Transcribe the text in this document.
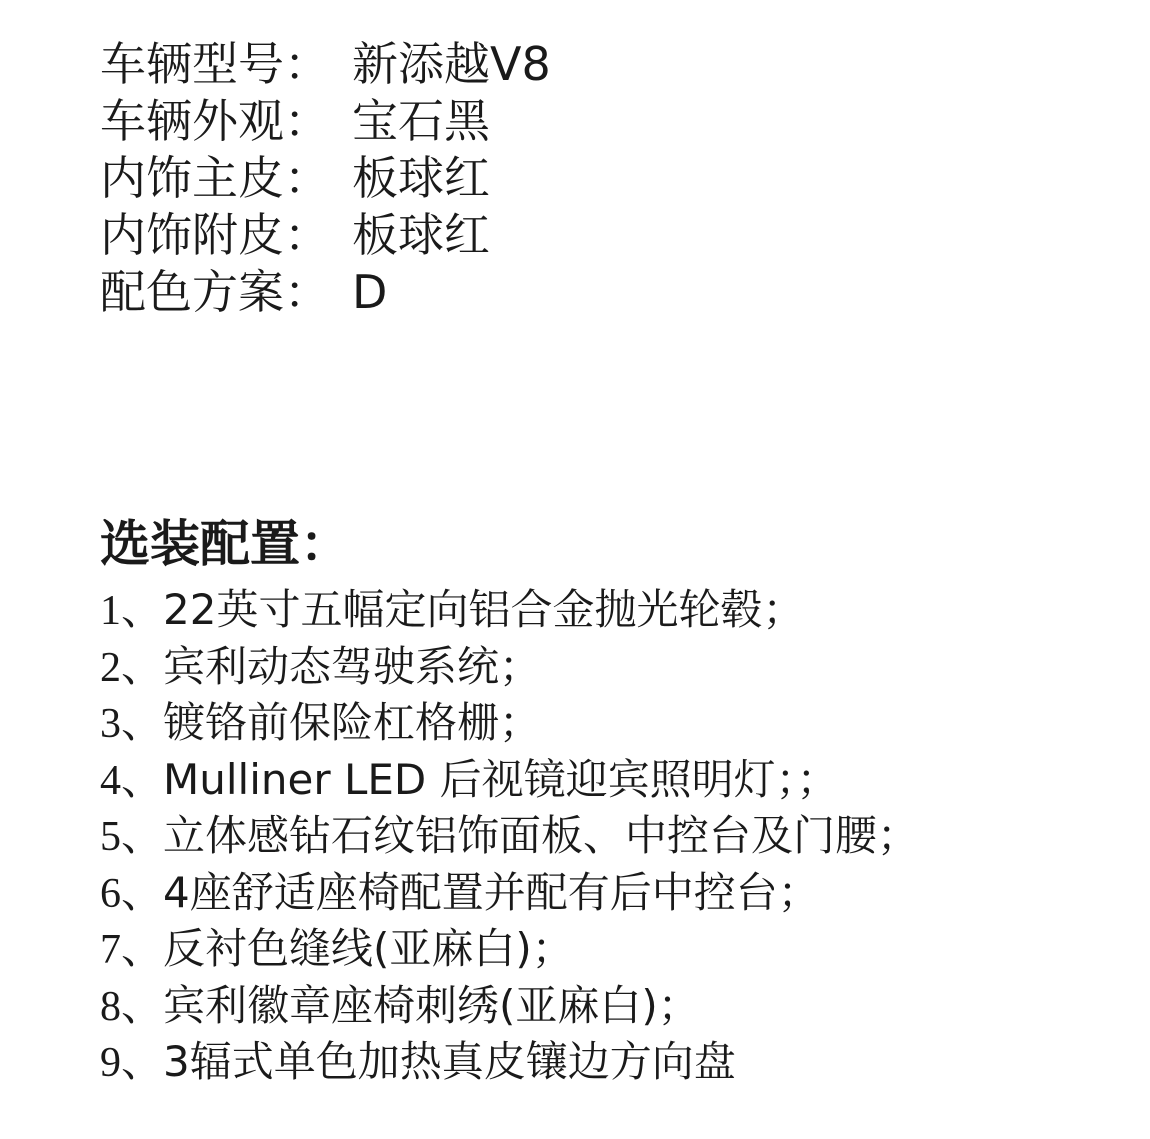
车辆型号： 新添越V8
车辆外观： 宝石黑
内饰主皮： 板球红
内饰附皮： 板球红
配色方案： D
选装配置：
1、22英寸五幅定向铝合金抛光轮毂；
2、宾利动态驾驶系统；
3、镀铬前保险杠格栅；
4、Mulliner LED 后视镜迎宾照明灯；；
5、立体感钻石纹铝饰面板、中控台及门腰；
6、4座舒适座椅配置并配有后中控台；
7、反衬色缝线(亚麻白)；
8、宾利徽章座椅刺绣(亚麻白)；
9、3辐式单色加热真皮镶边方向盘
